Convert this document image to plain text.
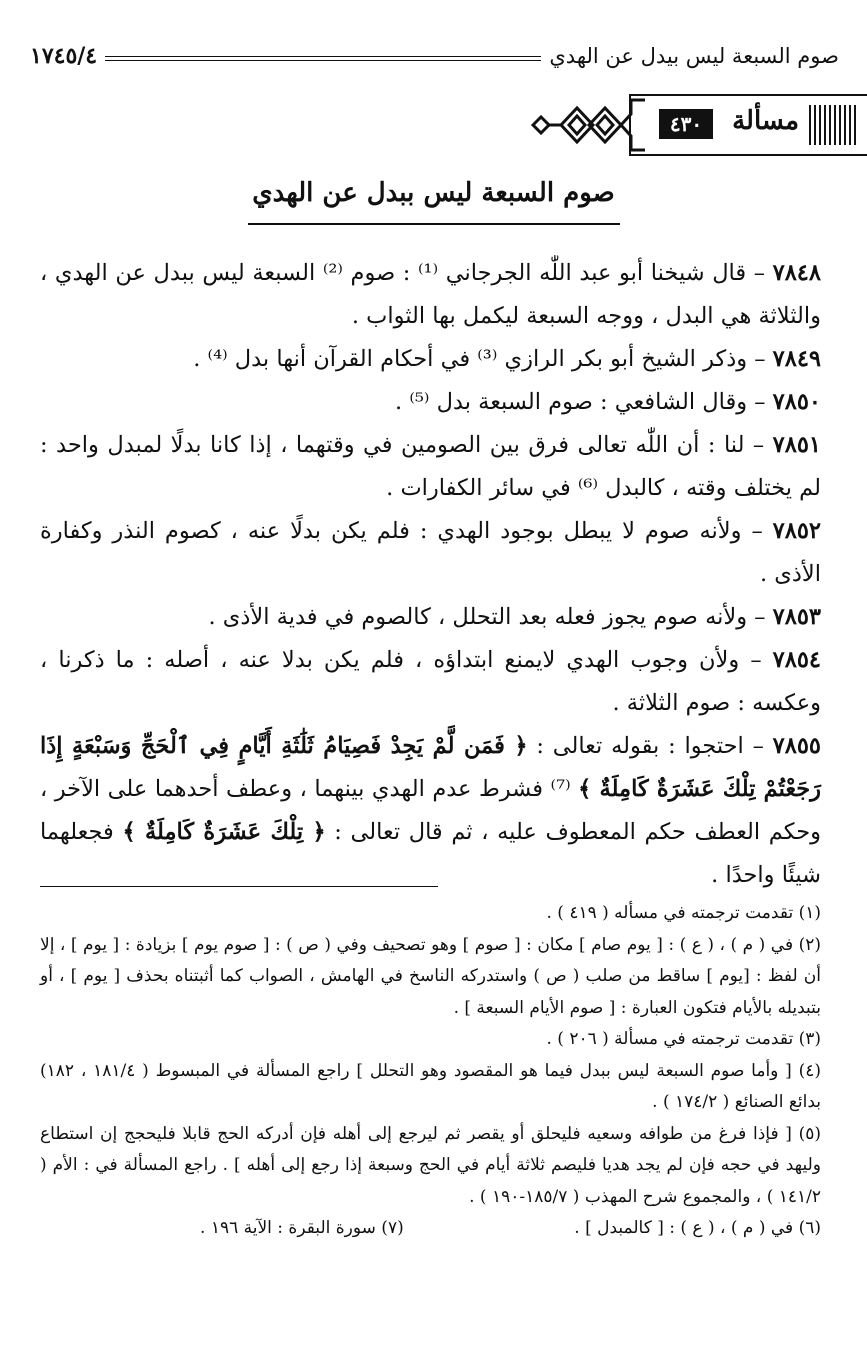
صوم السبعة ليس بيدل عن الهدي
١٧٤٥/٤
مسألة
٤٣٠
صوم السبعة ليس ببدل عن الهدي

٧٨٤٨ – قال شيخنا أبو عبد اللّٰه الجرجاني ⁽¹⁾ : صوم ⁽²⁾ السبعة ليس ببدل عن الهدي ، والثلاثة هي البدل ، ووجه السبعة ليكمل بها الثواب .

٧٨٤٩ – وذكر الشيخ أبو بكر الرازي ⁽³⁾ في أحكام القرآن أنها بدل ⁽⁴⁾ .

٧٨٥٠ – وقال الشافعي : صوم السبعة بدل ⁽⁵⁾ .

٧٨٥١ – لنا : أن اللّٰه تعالى فرق بين الصومين في وقتهما ، إذا كانا بدلًا لمبدل واحد : لم يختلف وقته ، كالبدل ⁽⁶⁾ في سائر الكفارات .

٧٨٥٢ – ولأنه صوم لا يبطل بوجود الهدي : فلم يكن بدلًا عنه ، كصوم النذر وكفارة الأذى .

٧٨٥٣ – ولأنه صوم يجوز فعله بعد التحلل ، كالصوم في فدية الأذى .

٧٨٥٤ – ولأن وجوب الهدي لايمنع ابتداؤه ، فلم يكن بدلا عنه ، أصله : ما ذكرنا ، وعكسه : صوم الثلاثة .

٧٨٥٥ – احتجوا : بقوله تعالى : ﴿ فَمَن لَّمْ يَجِدْ فَصِيَامُ ثَلَٰثَةِ أَيَّامٍ فِي ٱلْحَجِّ وَسَبْعَةٍ إِذَا رَجَعْتُمْ تِلْكَ عَشَرَةٌ كَامِلَةٌ ﴾ ⁽⁷⁾ فشرط عدم الهدي بينهما ، وعطف أحدهما على الآخر ، وحكم العطف حكم المعطوف عليه ، ثم قال تعالى : ﴿ تِلْكَ عَشَرَةٌ كَامِلَةٌ ﴾ فجعلهما شيئًا واحدًا .

(١) تقدمت ترجمته في مسأله ( ٤١٩ ) .

(٢) في ( م ) ، ( ع ) : [ يوم صام ] مكان : [ صوم ] وهو تصحيف وفي ( ص ) : [ صوم يوم ] بزيادة : [ يوم ] ، إلا أن لفظ : [يوم ] ساقط من صلب ( ص ) واستدركه الناسخ في الهامش ، الصواب كما أثبتناه بحذف [ يوم ] ، أو بتبديله بالأيام فتكون العبارة : [ صوم الأيام السبعة ] .

(٣) تقدمت ترجمته في مسألة ( ٢٠٦ ) .

(٤) [ وأما صوم السبعة ليس ببدل فيما هو المقصود وهو التحلل ] راجع المسألة في المبسوط ( ١٨١/٤ ، ١٨٢) بدائع الصنائع ( ١٧٤/٢ ) .

(٥) [ فإذا فرغ من طوافه وسعيه فليحلق أو يقصر ثم ليرجع إلى أهله فإن أدركه الحج قابلا فليحجج إن استطاع وليهد في حجه فإن لم يجد هديا فليصم ثلاثة أيام في الحج وسبعة إذا رجع إلى أهله ] . راجع المسألة في : الأم ( ١٤١/٢ ) ، والمجموع شرح المهذب ( ١٨٥/٧-١٩٠ ) .

(٦) في ( م ) ، ( ع ) : [ كالمبدل ] .
(٧) سورة البقرة : الآية ١٩٦ .
